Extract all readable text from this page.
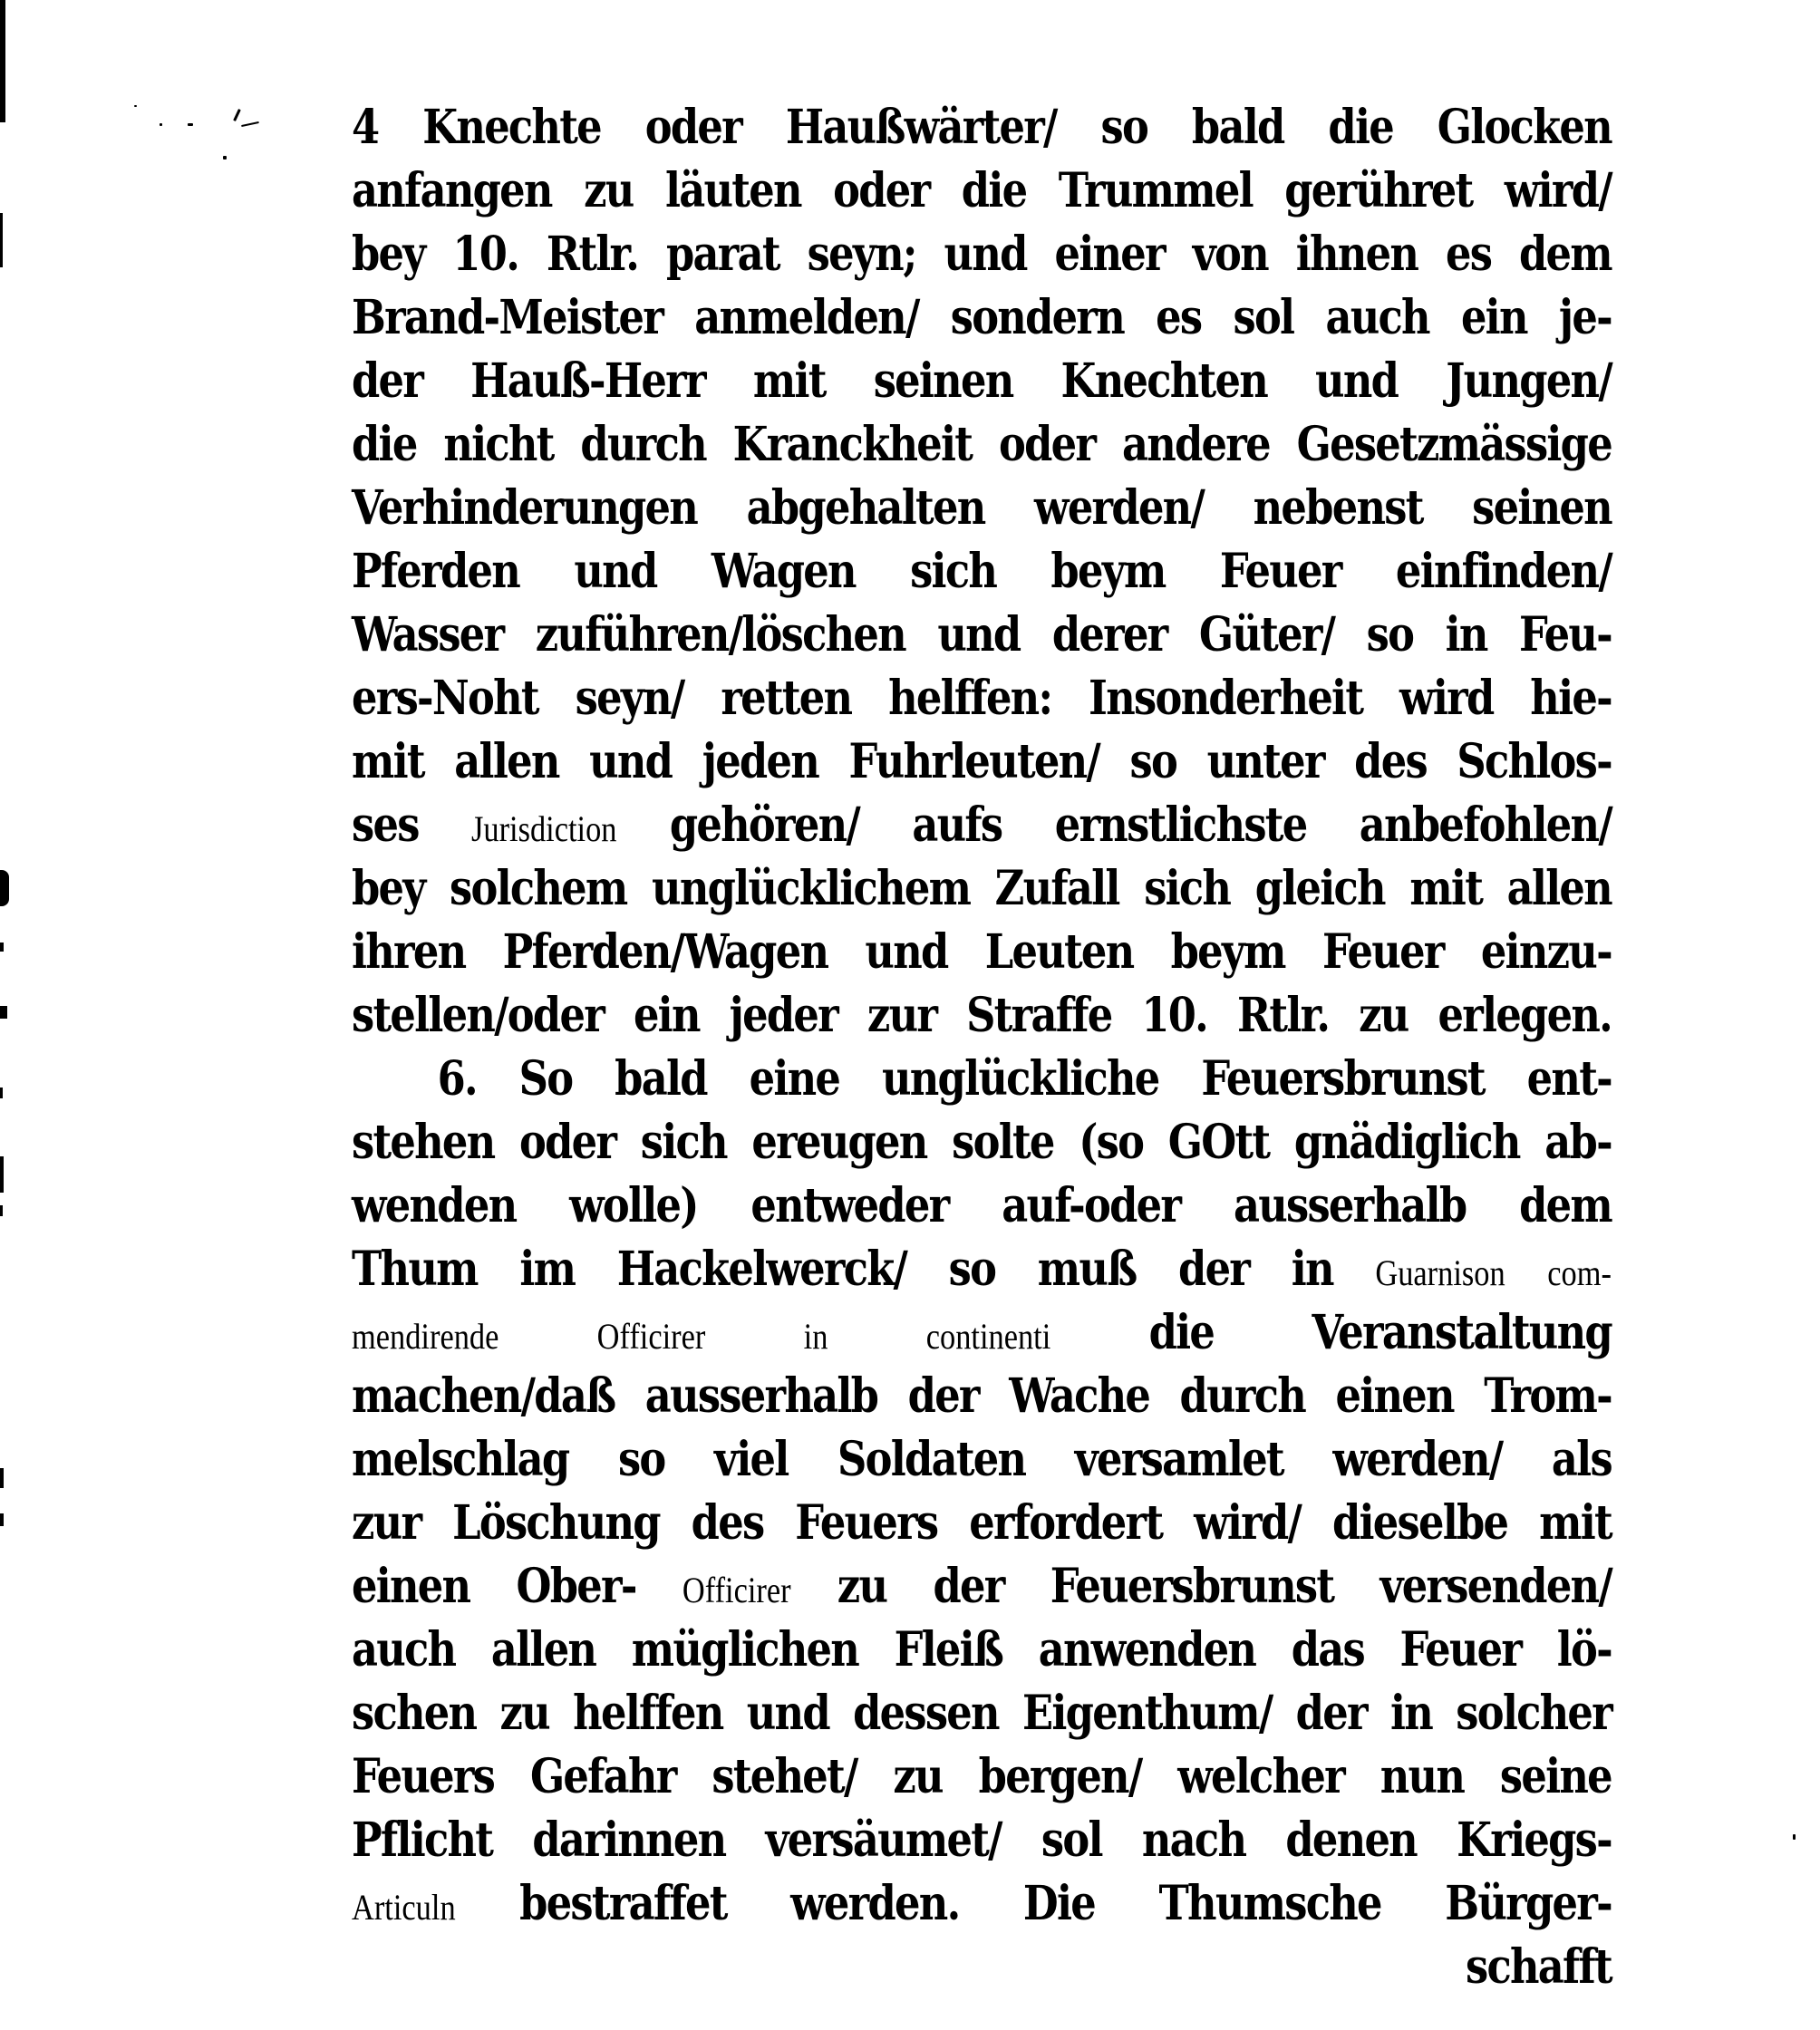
4 Knechte oder Haußwärter/ so bald die Glocken
anfangen zu läuten oder die Trummel gerühret wird/
bey 10. Rtlr. parat seyn; und einer von ihnen es dem
Brand-Meister anmelden/ sondern es sol auch ein je-
der Hauß-Herr mit seinen Knechten und Jungen/
die nicht durch Kranckheit oder andere Gesetzmässige
Verhinderungen abgehalten werden/ nebenst seinen
Pferden und Wagen sich beym Feuer einfinden/
Wasser zuführen/löschen und derer Güter/ so in Feu-
ers-Noht seyn/ retten helffen: Insonderheit wird hie-
mit allen und jeden Fuhrleuten/ so unter des Schlos-
ses Jurisdiction gehören/ aufs ernstlichste anbefohlen/
bey solchem unglücklichem Zufall sich gleich mit allen
ihren Pferden/Wagen und Leuten beym Feuer einzu-
stellen/oder ein jeder zur Straffe 10. Rtlr. zu erlegen.
6. So bald eine unglückliche Feuersbrunst ent-
stehen oder sich ereugen solte (so GOtt gnädiglich ab-
wenden wolle) entweder auf-oder ausserhalb dem
Thum im Hackelwerck/ so muß der in Guarnison com-
mendirende	Officirer	in	continenti die Veranstaltung
machen/daß ausserhalb der Wache durch einen Trom-
melschlag so viel Soldaten versamlet werden/ als
zur Löschung des Feuers erfordert wird/ dieselbe mit
einen Ober- Officirer zu der Feuersbrunst versenden/
auch allen müglichen Fleiß anwenden das Feuer lö-
schen zu helffen und dessen Eigenthum/ der in solcher
Feuers Gefahr stehet/ zu bergen/ welcher nun seine
Pflicht darinnen versäumet/ sol nach denen Kriegs-
Articuln bestraffet werden. Die Thumsche Bürger-
schafft
